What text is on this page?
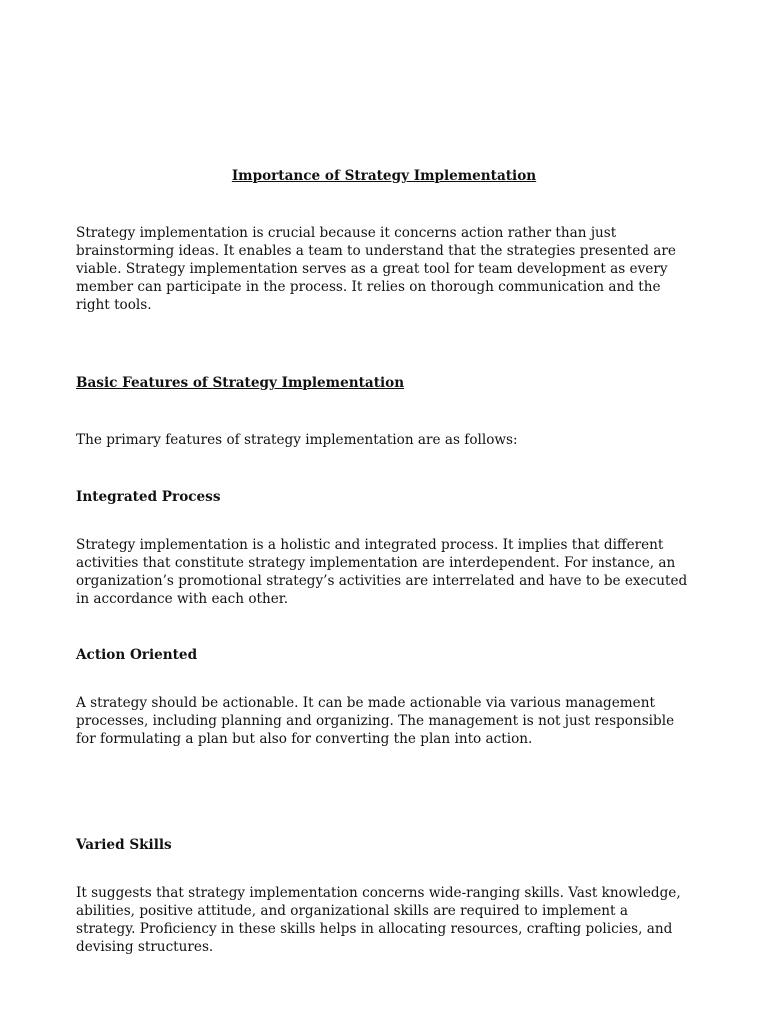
Importance of Strategy Implementation

Strategy implementation is crucial because it concerns action rather than just brainstorming ideas. It enables a team to understand that the strategies presented are viable. Strategy implementation serves as a great tool for team development as every member can participate in the process. It relies on thorough communication and the right tools.

Basic Features of Strategy Implementation

The primary features of strategy implementation are as follows:

Integrated Process

Strategy implementation is a holistic and integrated process. It implies that different activities that constitute strategy implementation are interdependent. For instance, an organization’s promotional strategy’s activities are interrelated and have to be executed in accordance with each other.

Action Oriented

A strategy should be actionable. It can be made actionable via various management processes, including planning and organizing. The management is not just responsible for formulating a plan but also for converting the plan into action.

Varied Skills

It suggests that strategy implementation concerns wide-ranging skills. Vast knowledge, abilities, positive attitude, and organizational skills are required to implement a strategy. Proficiency in these skills helps in allocating resources, crafting policies, and devising structures.
